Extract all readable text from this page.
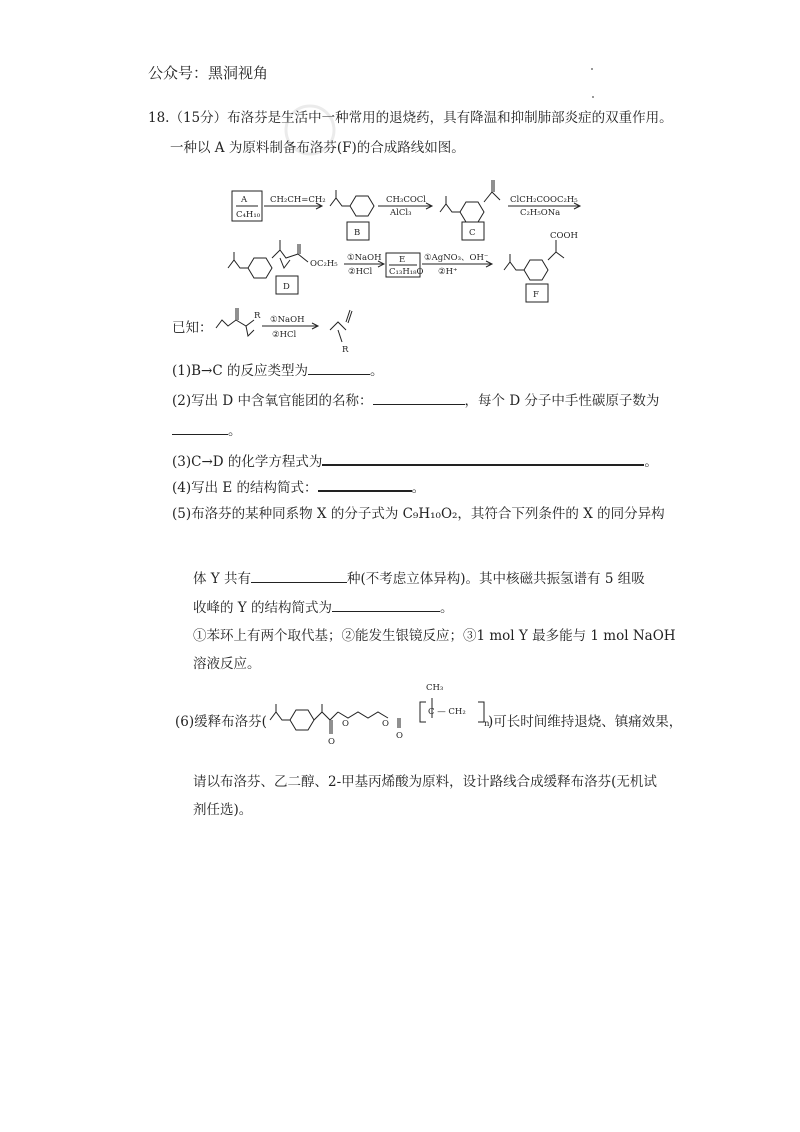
公众号：黑洞视角
18.（15分）布洛芬是生活中一种常用的退烧药，具有降温和抑制肺部炎症的双重作用。
一种以 A 为原料制备布洛芬(F)的合成路线如图。
A
C₄H₁₀
CH₂CH=CH₂
B
CH₃COCl
AlCl₃
C
ClCH₂COOC₂H₅
C₂H₅ONa
OC₂H₅
D
①NaOH
②HCl
E
C₁₃H₁₈O
①AgNO₃、OH⁻
②H⁺
COOH
F
已知：
R ①NaOH
②HCl
R
(1)B→C 的反应类型为	。
(2)写出 D 中含氧官能团的名称：	，每个 D 分子中手性碳原子数为
。
(3)C→D 的化学方程式为	。
(4)写出 E 的结构简式：	。
(5)布洛芬的某种同系物 X 的分子式为 C₉H₁₀O₂，其符合下列条件的 X 的同分异构
体 Y 共有	种(不考虑立体异构)。其中核磁共振氢谱有 5 组吸
收峰的 Y 的结构简式为	。
①苯环上有两个取代基；②能发生银镜反应；③1 mol Y 最多能与 1 mol NaOH
溶液反应。
(6)缓释布洛芬(
O
O	O
O
CH₃
C — CH₂
n
)可长时间维持退烧、镇痛效果，
请以布洛芬、乙二醇、2-甲基丙烯酸为原料，设计路线合成缓释布洛芬(无机试
剂任选)。
